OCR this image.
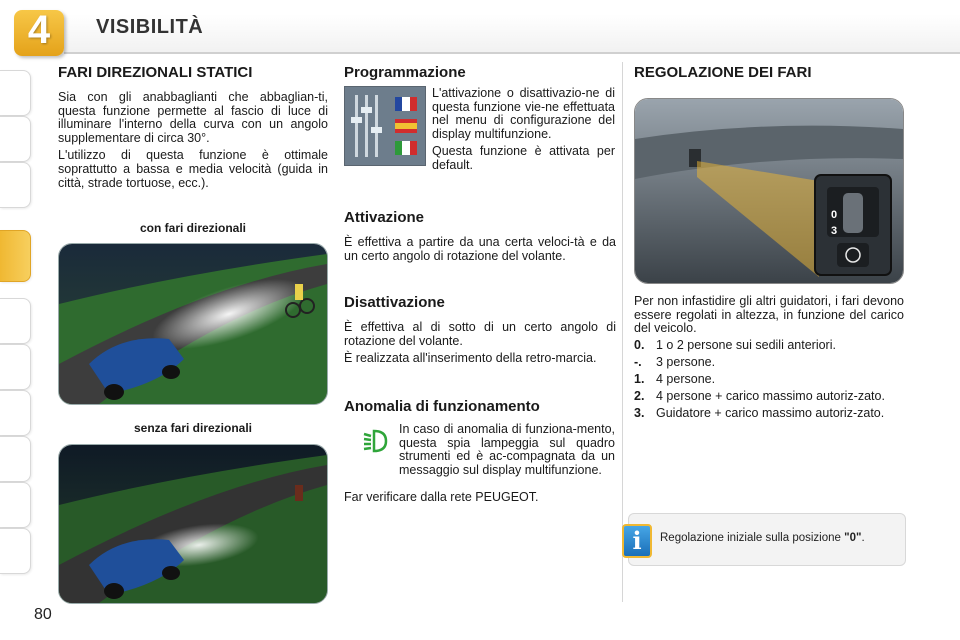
4	VISIBILITÀ
80
FARI DIREZIONALI STATICI

Sia con gli anabbaglianti che abbaglian-ti, questa funzione permette al fascio di luce di illuminare l'interno della curva con un angolo supplementare di circa 30°.

L'utilizzo di questa funzione è ottimale soprattutto a bassa e media velocità (guida in città, strade tortuose, ecc.).

con fari direzionali
senza fari direzionali
Programmazione

L'attivazione o disattivazio-ne di questa funzione vie-ne effettuata nel menu di configurazione del display multifunzione.

Questa funzione è attivata per default.

Attivazione

È effettiva a partire da una certa veloci-tà e da un certo angolo di rotazione del volante.

Disattivazione

È effettiva al di sotto di un certo angolo di rotazione del volante.

È realizzata all'inserimento della retro-marcia.

Anomalia di funzionamento

In caso di anomalia di funziona-mento, questa spia lampeggia sul quadro strumenti ed è ac-compagnata da un messaggio sul display multifunzione.

Far verificare dalla rete PEUGEOT.

REGOLAZIONE DEI FARI
0
3

Per non infastidire gli altri guidatori, i fari devono essere regolati in altezza, in funzione del carico del veicolo.

0. 1 o 2 persone sui sedili anteriori.
-. 3 persone.
1. 4 persone.
2. 4 persone + carico massimo autoriz-zato.
3. Guidatore + carico massimo autoriz-zato.
i	Regolazione iniziale sulla posizione "0".
